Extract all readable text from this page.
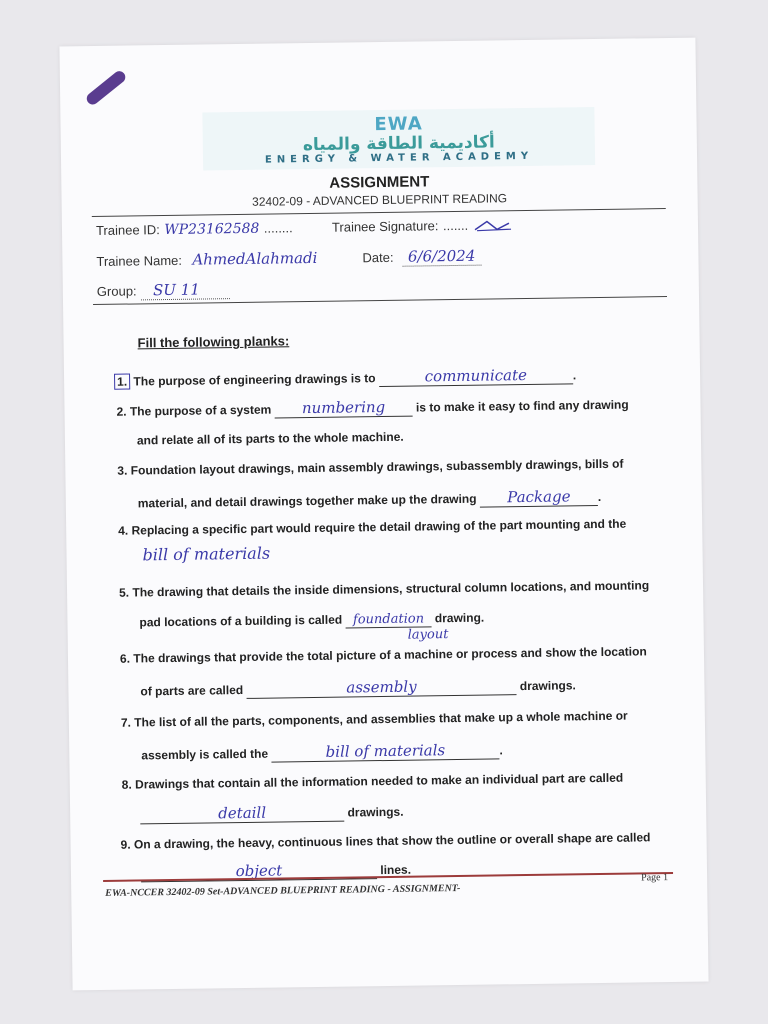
EWA
أكاديمية الطاقة والمياه
ENERGY & WATER ACADEMY
ASSIGNMENT
32402-09 - ADVANCED BLUEPRINT READING
Trainee ID: WP23162588 ........	Trainee Signature: .......
Trainee Name: AhmedAlahmadi	Date: 6/6/2024
Group: SU 11
Fill the following planks:
1. The purpose of engineering drawings is to	communicate	.
2. The purpose of a system numbering	is to make it easy to find any drawing
and relate all of its parts to the whole machine.
3. Foundation layout drawings, main assembly drawings, subassembly drawings, bills of
material, and detail drawings together make up the drawing Package .
4. Replacing a specific part would require the detail drawing of the part mounting and the
bill of materials
5. The drawing that details the inside dimensions, structural column locations, and mounting
pad locations of a building is called foundation drawing.
layout
6. The drawings that provide the total picture of a machine or process and show the location
of parts are called	assembly	drawings.
7. The list of all the parts, components, and assemblies that make up a whole machine or
assembly is called the	bill of materials	.
8. Drawings that contain all the information needed to make an individual part are called
detaill	drawings.
9. On a drawing, the heavy, continuous lines that show the outline or overall shape are called
object	lines.
EWA-NCCER 32402-09 Set-ADVANCED BLUEPRINT READING - ASSIGNMENT-
Page 1
